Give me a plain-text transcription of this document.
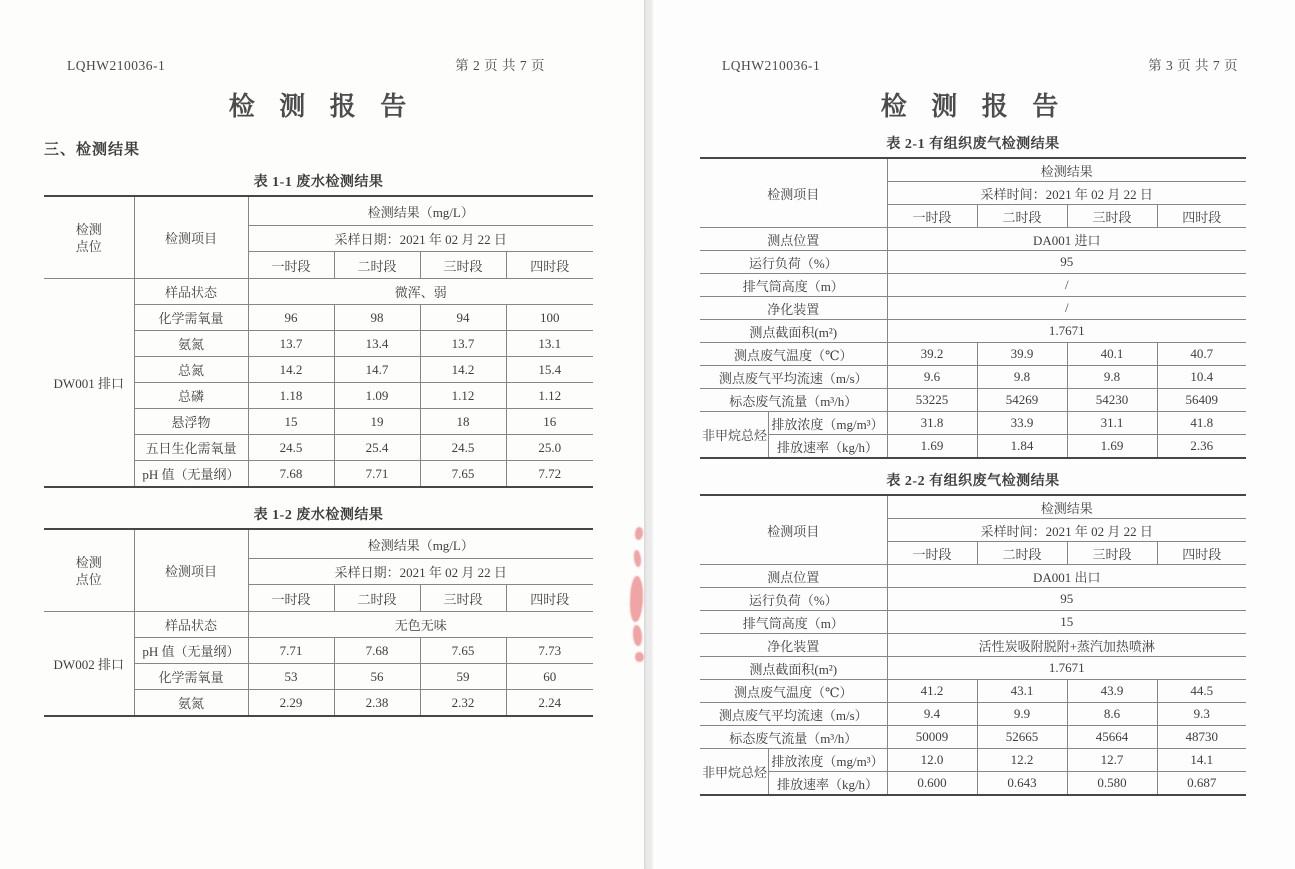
LQHW210036-1	第 2 页 共 7 页
检 测 报 告
三、检测结果
表 1-1 废水检测结果
检测
点位	检测项目	检测结果（mg/L）			
		采样日期：2021 年 02 月 22 日			
		一时段	二时段	三时段	四时段
DW001 排口	样品状态	微浑、弱			
	化学需氧量	96	98	94	100
	氨氮	13.7	13.4	13.7	13.1
	总氮	14.2	14.7	14.2	15.4
	总磷	1.18	1.09	1.12	1.12
	悬浮物	15	19	18	16
	五日生化需氧量	24.5	25.4	24.5	25.0
	pH 值（无量纲）	7.68	7.71	7.65	7.72
表 1-2 废水检测结果
检测
点位	检测项目	检测结果（mg/L）			
		采样日期：2021 年 02 月 22 日			
		一时段	二时段	三时段	四时段
DW002 排口	样品状态	无色无味			
	pH 值（无量纲）	7.71	7.68	7.65	7.73
	化学需氧量	53	56	59	60
	氨氮	2.29	2.38	2.32	2.24
LQHW210036-1	第 3 页 共 7 页
检 测 报 告
表 2-1 有组织废气检测结果
检测项目		检测结果			
		采样时间：2021 年 02 月 22 日			
		一时段	二时段	三时段	四时段
测点位置		DA001 进口			
运行负荷（%）		95			
排气筒高度（m）		/			
净化装置		/			
测点截面积(m²)		1.7671			
测点废气温度（℃）		39.2	39.9	40.1	40.7
测点废气平均流速（m/s）		9.6	9.8	9.8	10.4
标态废气流量（m³/h）		53225	54269	54230	56409
非甲烷总烃	排放浓度（mg/m³）	31.8	33.9	31.1	41.8
	排放速率（kg/h）	1.69	1.84	1.69	2.36
表 2-2 有组织废气检测结果
检测项目		检测结果			
		采样时间：2021 年 02 月 22 日			
		一时段	二时段	三时段	四时段
测点位置		DA001 出口			
运行负荷（%）		95			
排气筒高度（m）		15			
净化装置		活性炭吸附脱附+蒸汽加热喷淋			
测点截面积(m²)		1.7671			
测点废气温度（℃）		41.2	43.1	43.9	44.5
测点废气平均流速（m/s）		9.4	9.9	8.6	9.3
标态废气流量（m³/h）		50009	52665	45664	48730
非甲烷总烃	排放浓度（mg/m³）	12.0	12.2	12.7	14.1
	排放速率（kg/h）	0.600	0.643	0.580	0.687
